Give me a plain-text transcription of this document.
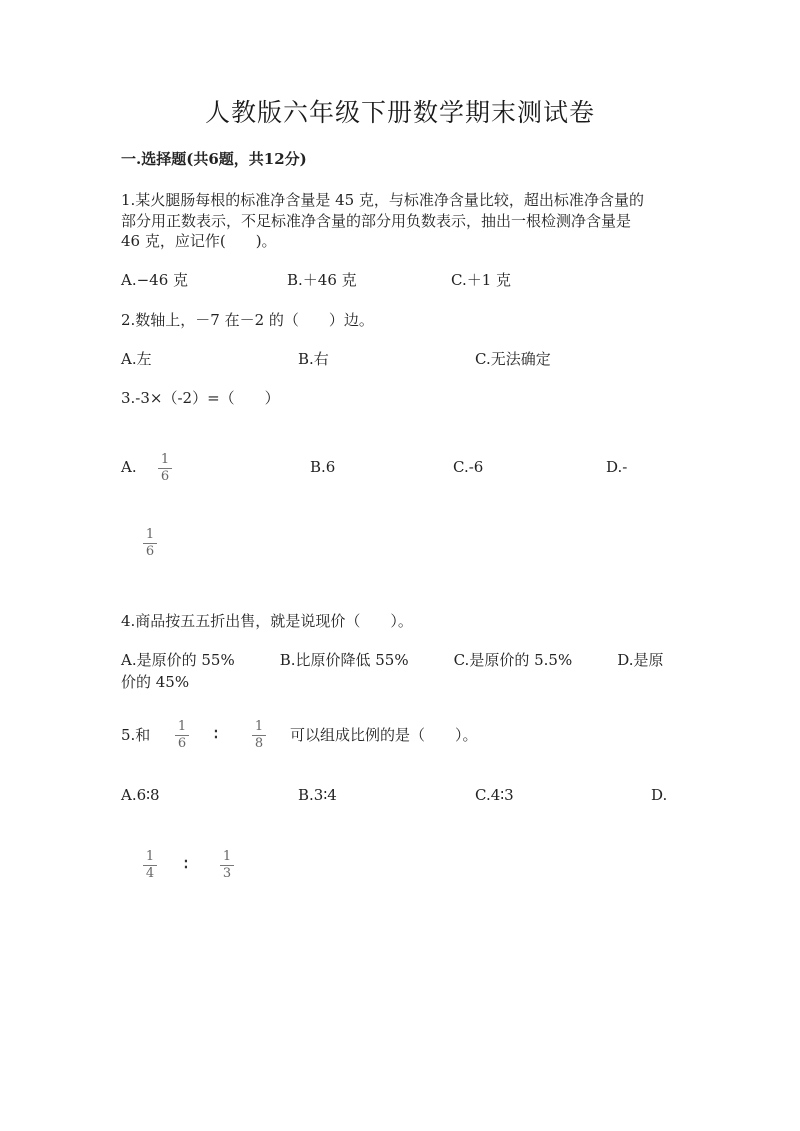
人教版六年级下册数学期末测试卷
一.选择题(共6题，共12分)

1.某火腿肠每根的标准净含量是 45 克，与标准净含量比较，超出标准净含量的

部分用正数表示，不足标准净含量的部分用负数表示，抽出一根检测净含量是

46 克，应记作(　　)。

A.−46 克	B.＋46 克	C.＋1 克
2.数轴上，－7 在－2 的（　　）边。
A.左	B.右	C.无法确定
3.-3×（-2）=（　　）
A. 1
6
B.6	C.-6	D.-
1
6
4.商品按五五折出售，就是说现价（　　）。
A.是原价的 55%　　　B.比原价降低 55%　　　C.是原价的 5.5%　　　D.是原
价的 45%
5.和 1
6
∶	1
8 可以组成比例的是（　　）。
A.6∶8	B.3∶4	C.4∶3	D.
1
4
∶	1
3
